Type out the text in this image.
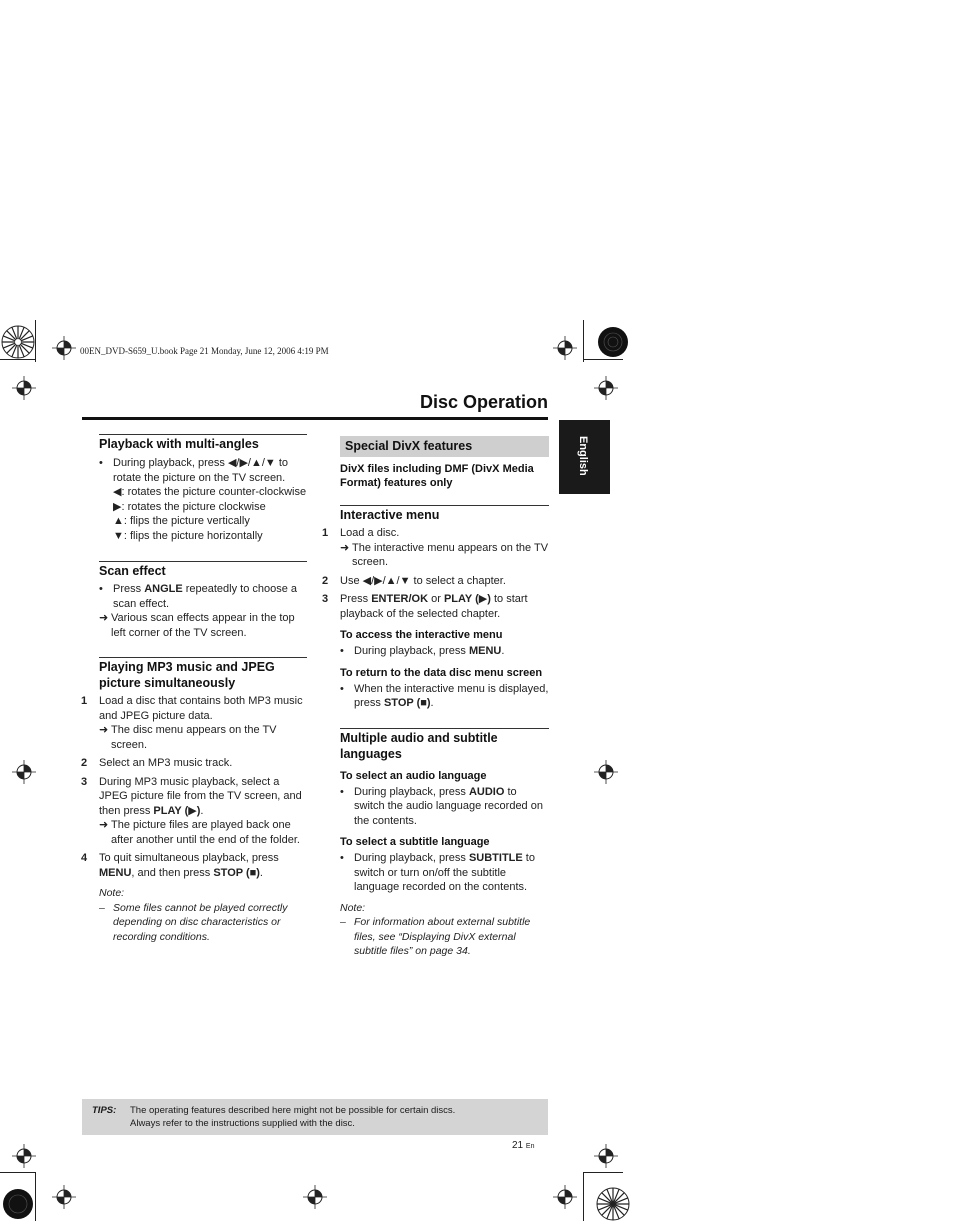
00EN_DVD-S659_U.book Page 21 Monday, June 12, 2006 4:19 PM
Disc Operation
English

Playback with multi-angles

• During playback, press ◀/▶/▲/▼ to rotate the picture on the TV screen.
◀: rotates the picture counter-clockwise
▶: rotates the picture clockwise
▲: flips the picture vertically
▼: flips the picture horizontally

Scan effect

• Press ANGLE repeatedly to choose a scan effect.
➜ Various scan effects appear in the top left corner of the TV screen.

Playing MP3 music and JPEG picture simultaneously

1	Load a disc that contains both MP3 music and JPEG picture data.
➜ The disc menu appears on the TV screen.
2	Select an MP3 music track.
3	During MP3 music playback, select a JPEG picture file from the TV screen, and then press PLAY (▶).
➜ The picture files are played back one after another until the end of the folder.
4	To quit simultaneous playback, press MENU, and then press STOP (■).

Note:

– Some files cannot be played correctly depending on disc characteristics or recording conditions.

Special DivX features

DivX files including DMF (DivX Media Format) features only

Interactive menu

1	Load a disc.
➜ The interactive menu appears on the TV screen.
2	Use ◀/▶/▲/▼ to select a chapter.
3	Press ENTER/OK or PLAY (▶) to start playback of the selected chapter.

To access the interactive menu

• During playback, press MENU.

To return to the data disc menu screen

• When the interactive menu is displayed, press STOP (■).

Multiple audio and subtitle languages

To select an audio language

• During playback, press AUDIO to switch the audio language recorded on the contents.

To select a subtitle language

• During playback, press SUBTITLE to switch or turn on/off the subtitle language recorded on the contents.

Note:

– For information about external subtitle files, see “Displaying DivX external subtitle files” on page 34.
TIPS: The operating features described here might not be possible for certain discs.
Always refer to the instructions supplied with the disc.
21 En
